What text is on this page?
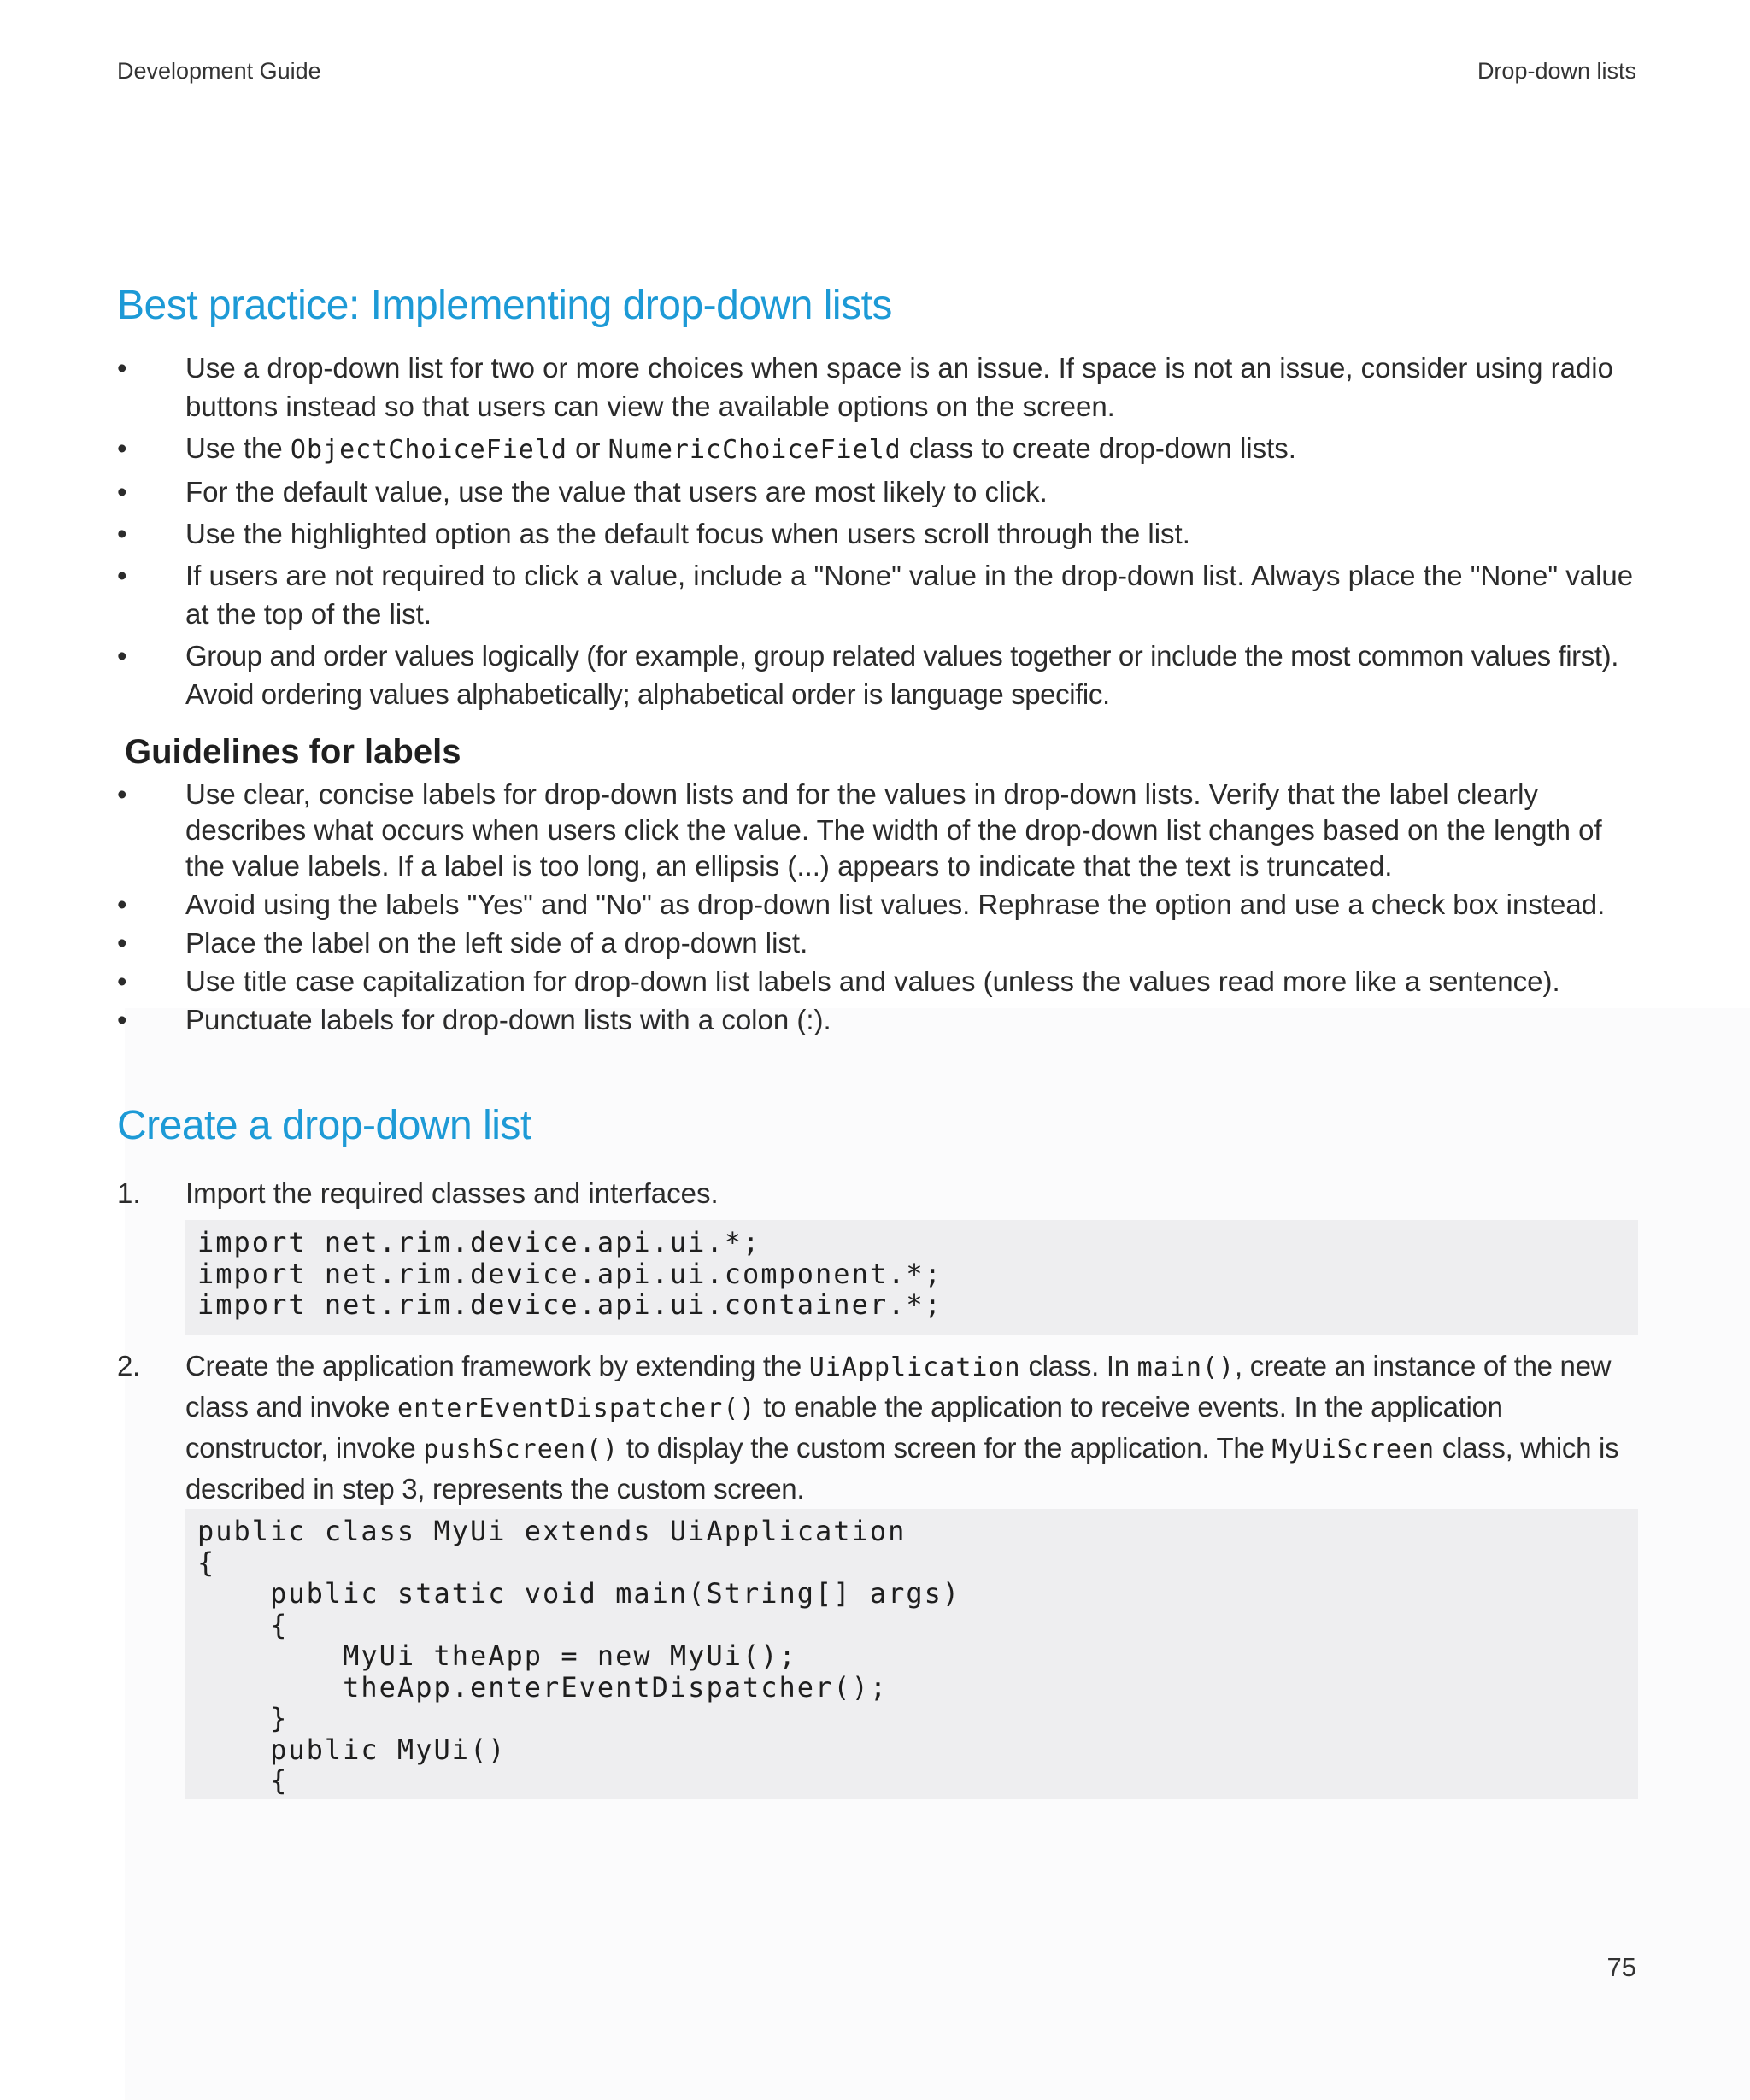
Development Guide	Drop-down lists
Best practice: Implementing drop-down lists
•	Use a drop-down list for two or more choices when space is an issue. If space is not an issue, consider using radio buttons instead so that users can view the available options on the screen.
•	Use the ObjectChoiceField or NumericChoiceField class to create drop-down lists.
•	For the default value, use the value that users are most likely to click.
•	Use the highlighted option as the default focus when users scroll through the list.
•	If users are not required to click a value, include a "None" value in the drop-down list. Always place the "None" value at the top of the list.
•	Group and order values logically (for example, group related values together or include the most common values first). Avoid ordering values alphabetically; alphabetical order is language specific.
Guidelines for labels
•	Use clear, concise labels for drop-down lists and for the values in drop-down lists. Verify that the label clearly describes what occurs when users click the value. The width of the drop-down list changes based on the length of the value labels. If a label is too long, an ellipsis (...) appears to indicate that the text is truncated.
•	Avoid using the labels "Yes" and "No" as drop-down list values. Rephrase the option and use a check box instead.
•	Place the label on the left side of a drop-down list.
•	Use title case capitalization for drop-down list labels and values (unless the values read more like a sentence).
•	Punctuate labels for drop-down lists with a colon (:).
Create a drop-down list
1. Import the required classes and interfaces.
import net.rim.device.api.ui.*;
import net.rim.device.api.ui.component.*;
import net.rim.device.api.ui.container.*;
2. Create the application framework by extending the UiApplication class. In main(), create an instance of the new class and invoke enterEventDispatcher() to enable the application to receive events. In the application constructor, invoke pushScreen() to display the custom screen for the application. The MyUiScreen class, which is described in step 3, represents the custom screen.
public class MyUi extends UiApplication
{
public static void main(String[] args)
{
MyUi theApp = new MyUi();
theApp.enterEventDispatcher();
}
public MyUi()
{
75
